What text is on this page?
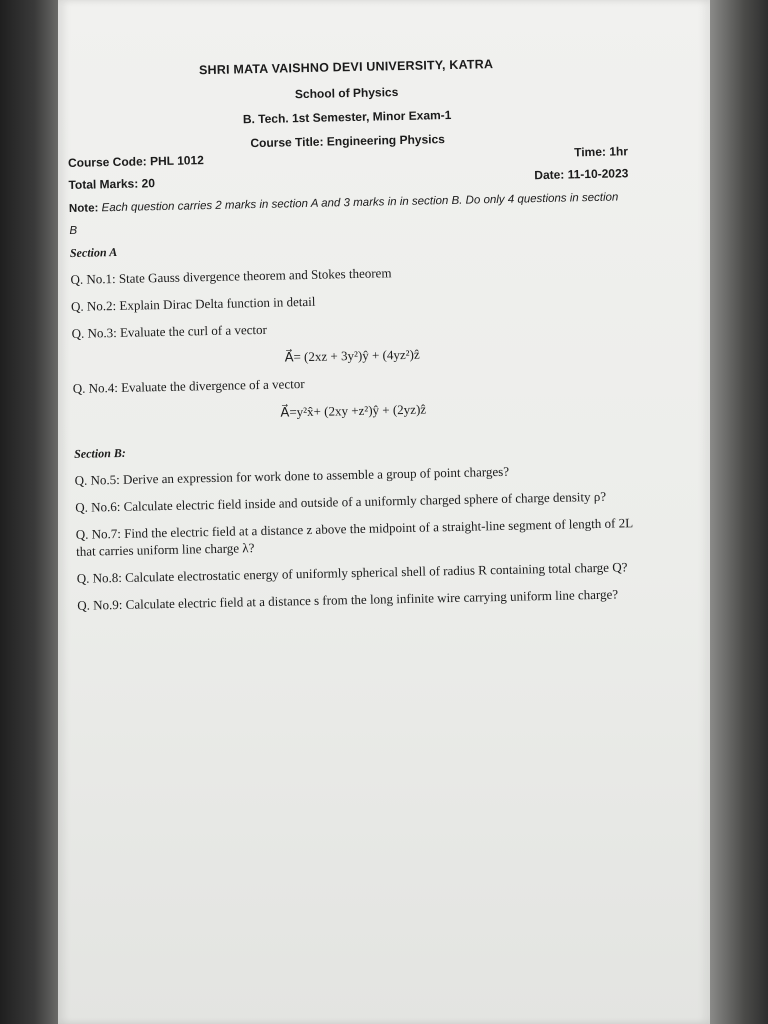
SHRI MATA VAISHNO DEVI UNIVERSITY, KATRA
School of Physics
B. Tech. 1st Semester, Minor Exam-1
Course Title: Engineering Physics
Course Code: PHL 1012
Time: 1hr
Total Marks: 20
Date: 11-10-2023
Note: Each question carries 2 marks in section A and 3 marks in in section B. Do only 4 questions in section B
Section A
Q. No.1: State Gauss divergence theorem and Stokes theorem
Q. No.2: Explain Dirac Delta function in detail
Q. No.3: Evaluate the curl of a vector
A⃗= (2xz + 3y²)ŷ + (4yz²)ẑ
Q. No.4: Evaluate the divergence of a vector
A⃗=y²x̂+ (2xy +z²)ŷ + (2yz)ẑ
Section B:
Q. No.5: Derive an expression for work done to assemble a group of point charges?
Q. No.6: Calculate electric field inside and outside of a uniformly charged sphere of charge density ρ?
Q. No.7: Find the electric field at a distance z above the midpoint of a straight-line segment of length of 2L that carries uniform line charge λ?
Q. No.8: Calculate electrostatic energy of uniformly spherical shell of radius R containing total charge Q?
Q. No.9: Calculate electric field at a distance s from the long infinite wire carrying uniform line charge?
